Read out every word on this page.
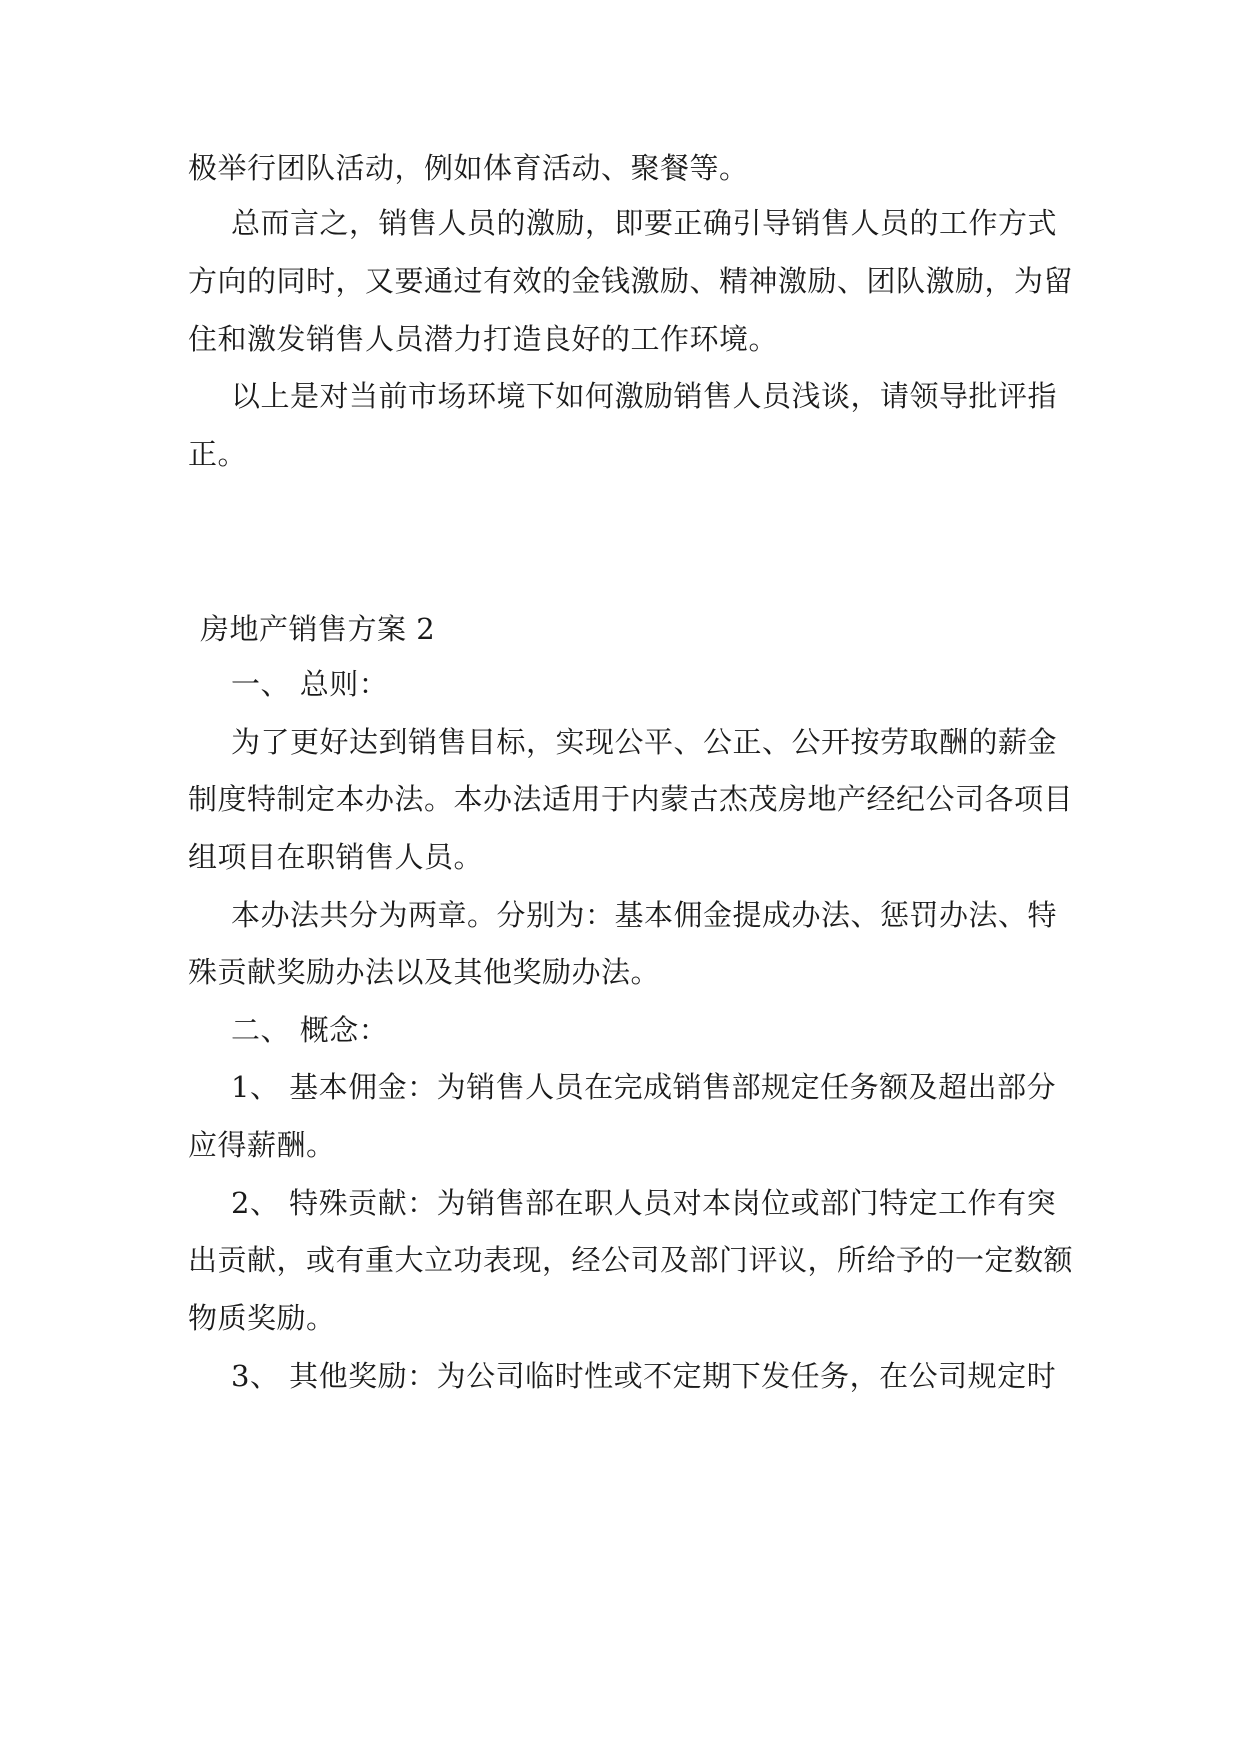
极举行团队活动，例如体育活动、聚餐等。
总而言之，销售人员的激励，即要正确引导销售人员的工作方式
方向的同时，又要通过有效的金钱激励、精神激励、团队激励，为留
住和激发销售人员潜力打造良好的工作环境。
以上是对当前市场环境下如何激励销售人员浅谈，请领导批评指
正。
房地产销售方案 2
一、 总则：
为了更好达到销售目标，实现公平、公正、公开按劳取酬的薪金
制度特制定本办法。本办法适用于内蒙古杰茂房地产经纪公司各项目
组项目在职销售人员。
本办法共分为两章。分别为：基本佣金提成办法、惩罚办法、特
殊贡献奖励办法以及其他奖励办法。
二、 概念：
1、 基本佣金：为销售人员在完成销售部规定任务额及超出部分
应得薪酬。
2、 特殊贡献：为销售部在职人员对本岗位或部门特定工作有突
出贡献，或有重大立功表现，经公司及部门评议，所给予的一定数额
物质奖励。
3、 其他奖励：为公司临时性或不定期下发任务，在公司规定时
